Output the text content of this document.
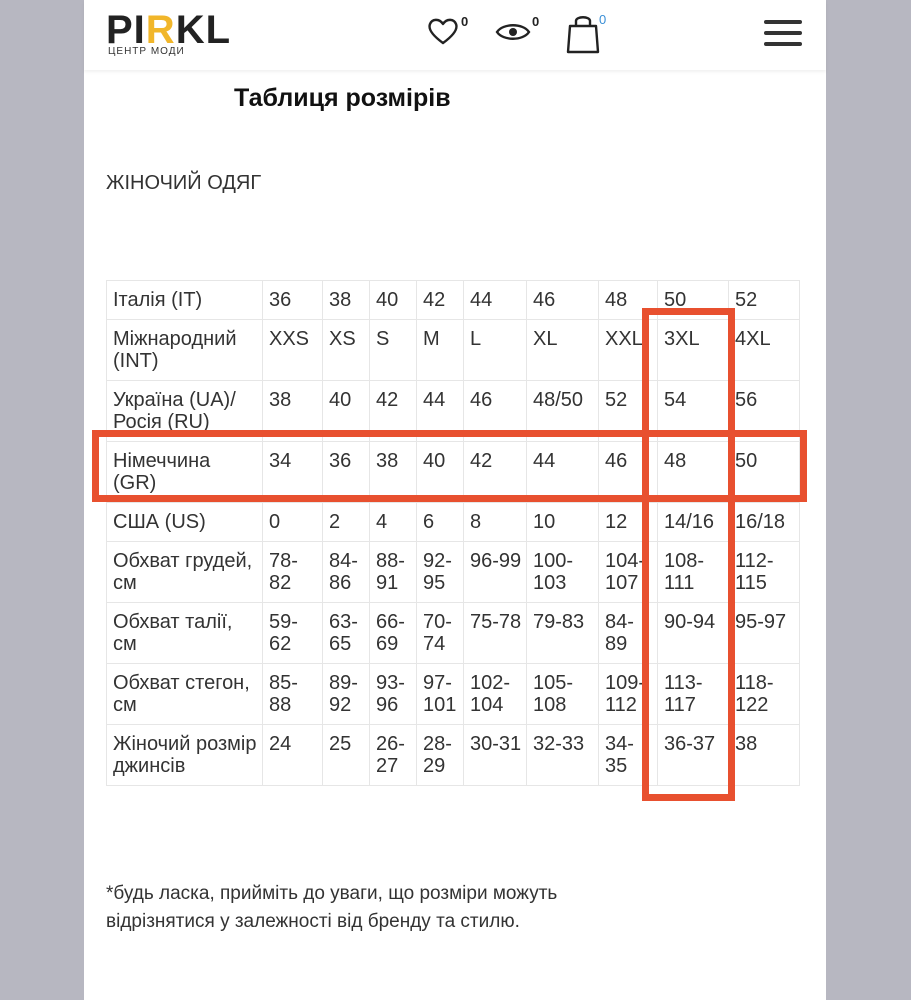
PIRKL
ЦЕНТР МОДИ
0	0	0
Таблиця розмірів
ЖІНОЧИЙ ОДЯГ
Італія (IT)	36	38	40	42	44	46	48	50	52
Міжнародний (INT)	XXS	XS	S	M	L	XL	XXL	3XL	4XL
Україна (UA)/ Росія (RU)	38	40	42	44	46	48/50	52	54	56
Німеччина (GR)	34	36	38	40	42	44	46	48	50
США (US)	0	2	4	6	8	10	12	14/16	16/18
Обхват грудей, см	78-82	84-86	88-91	92-95	96-99	100-103	104-107	108-111	112-115
Обхват талії, см	59-62	63-65	66-69	70-74	75-78	79-83	84-89	90-94	95-97
Обхват стегон, см	85-88	89-92	93-96	97-101	102-104	105-108	109-112	113-117	118-122
Жіночий розмір джинсів	24	25	26-27	28-29	30-31	32-33	34-35	36-37	38
*будь ласка, прийміть до уваги, що розміри можуть відрізнятися у залежності від бренду та стилю.
